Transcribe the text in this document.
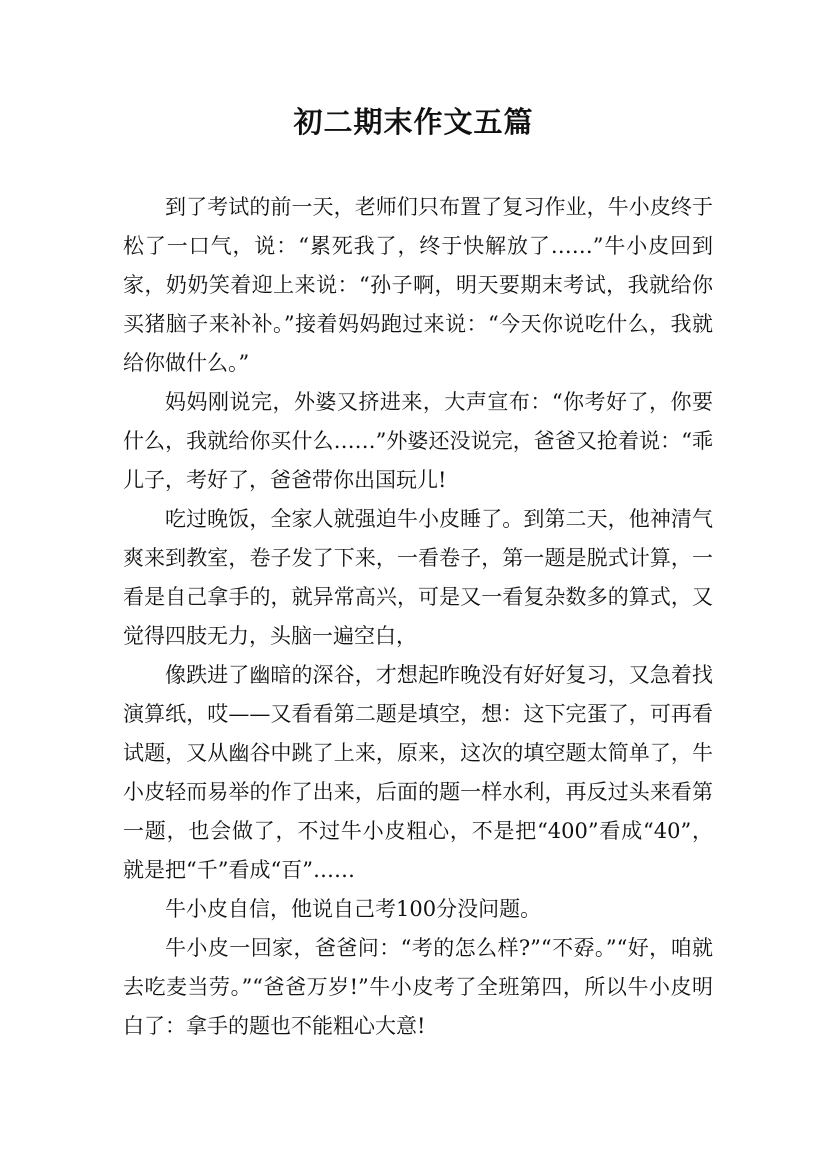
初二期末作文五篇

到了考试的前一天，老师们只布置了复习作业，牛小皮终于松了一口气，说：“累死我了，终于快解放了……”牛小皮回到家，奶奶笑着迎上来说：“孙子啊，明天要期末考试，我就给你买猪脑子来补补。”接着妈妈跑过来说：“今天你说吃什么，我就给你做什么。”

妈妈刚说完，外婆又挤进来，大声宣布：“你考好了，你要什么，我就给你买什么……”外婆还没说完，爸爸又抢着说：“乖儿子，考好了，爸爸带你出国玩儿!

吃过晚饭，全家人就强迫牛小皮睡了。到第二天，他神清气爽来到教室，卷子发了下来，一看卷子，第一题是脱式计算，一看是自己拿手的，就异常高兴，可是又一看复杂数多的算式，又觉得四肢无力，头脑一遍空白，

像跌进了幽暗的深谷，才想起昨晚没有好好复习，又急着找演算纸，哎——又看看第二题是填空，想：这下完蛋了，可再看试题，又从幽谷中跳了上来，原来，这次的填空题太简单了，牛小皮轻而易举的作了出来，后面的题一样水利，再反过头来看第一题，也会做了，不过牛小皮粗心，不是把“400”看成“40”，就是把“千”看成“百”……

牛小皮自信，他说自己考100分没问题。

牛小皮一回家，爸爸问：“考的怎么样?”“不孬。”“好，咱就去吃麦当劳。”“爸爸万岁!”牛小皮考了全班第四，所以牛小皮明白了：拿手的题也不能粗心大意!
